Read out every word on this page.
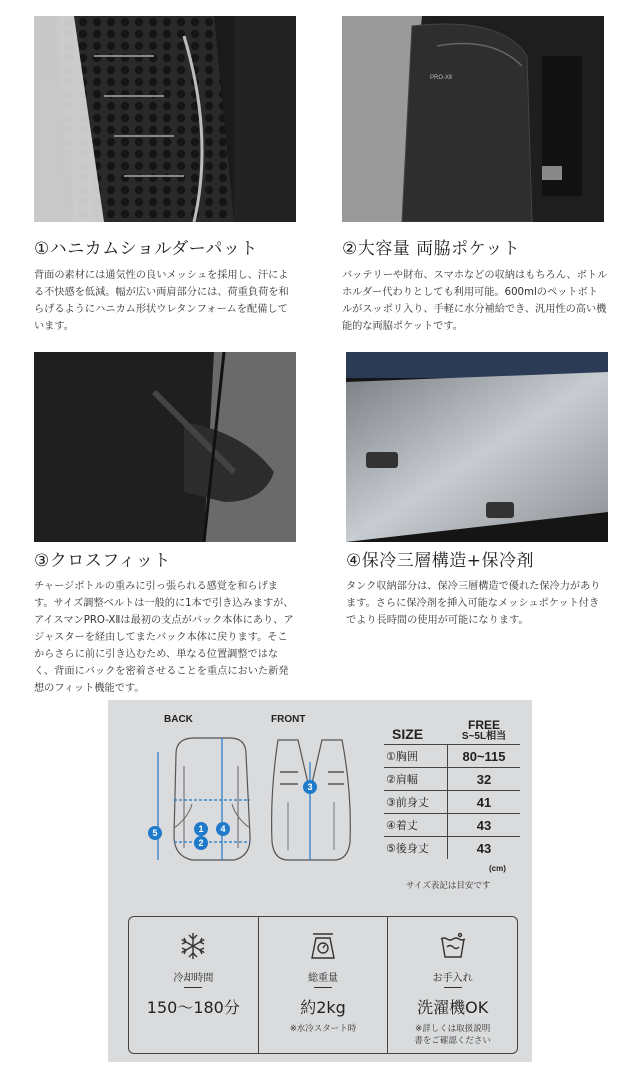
PRO-XⅡ
①ハニカムショルダーパット
背面の素材には通気性の良いメッシュを採用し、汗による不快感を低減。幅が広い両肩部分には、荷重負荷を和らげるようにハニカム形状ウレタンフォームを配備しています。
②大容量 両脇ポケット
バッテリーや財布、スマホなどの収納はもちろん、ボトルホルダー代わりとしても利用可能。600mlのペットボトルがスッポリ入り、手軽に水分補給でき、汎用性の高い機能的な両脇ポケットです。
③クロスフィット
チャージボトルの重みに引っ張られる感覚を和らげます。サイズ調整ベルトは一般的に1本で引き込みますが、アイスマンPRO-XⅡは最初の支点がバック本体にあり、アジャスターを経由してまたバック本体に戻ります。そこからさらに前に引き込むため、単なる位置調整ではなく、背面にバックを密着させることを重点においた新発想のフィット機能です。
④保冷三層構造+保冷剤
タンク収納部分は、保冷三層構造で優れた保冷力があります。さらに保冷剤を挿入可能なメッシュポケット付きでより長時間の使用が可能になります。
BACK	FRONT
5	1	4
2
3
SIZE
FREE
S~5L相当
①胸囲	80~115
②肩幅	32
③前身丈	41
④着丈	43
⑤後身丈	43
(cm)
サイズ表記は目安です
冷却時間
150〜180分
総重量
約2kg
※水冷スタート時
お手入れ
洗濯機OK
※詳しくは取扱説明書をご確認ください
